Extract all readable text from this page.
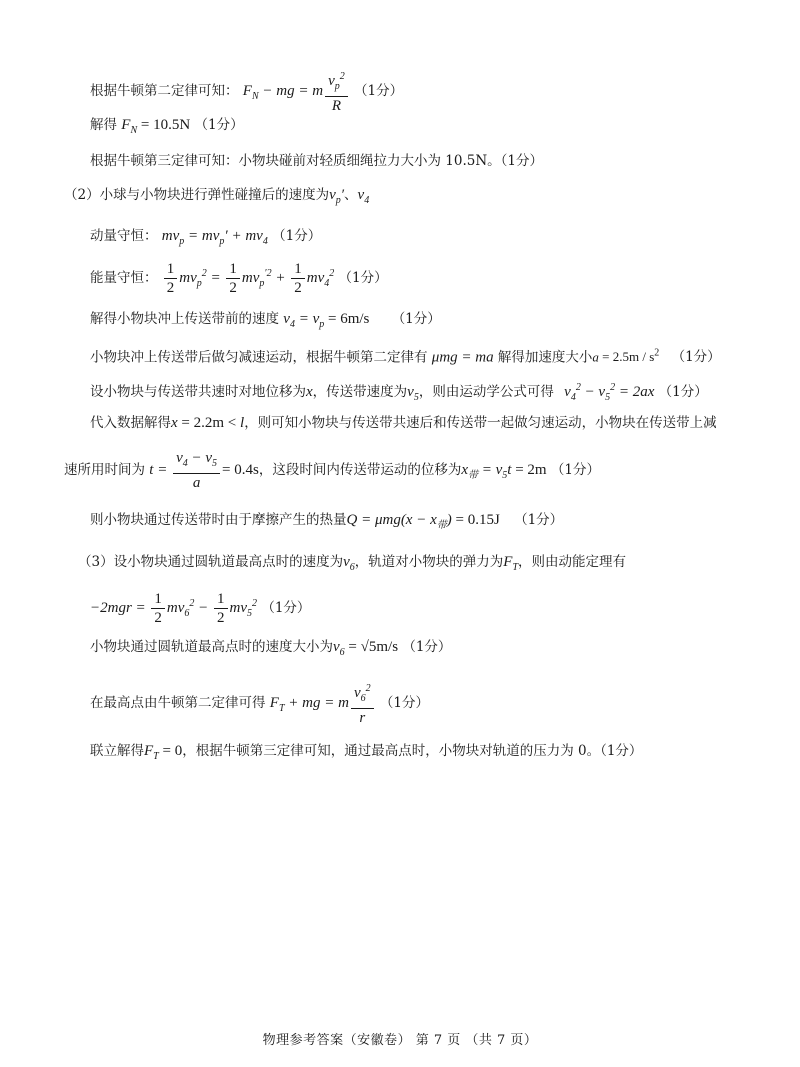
根据牛顿第二定律可知： $F_N$ − mg = m $\frac{v_p^2}{R} (1$分）
解得 $F_N = 10.5N$ （1分）
根据牛顿第三定律可知：小物块碰前对轻质细绳拉力大小为 10.5N。（1分）
（2）小球与小物块进行弹性碰撞后的速度为$v_p'$、$v_4$
动量守恒： $mv_p = mv_p' + mv_4$ （1分）
能量守恒： $\frac{1}{2} mv_p^2 = \frac{1}{2} mv_p^{'2} + \frac{1}{2} mv_4^2$ （1分）
解得小物块冲上传送带前的速度 $v_4 = v_p = 6m/s$ （1分）
小物块冲上传送带后做匀减速运动，根据牛顿第二定律有 μmg = ma 解得加速度大小$a = 2.5m / s^2$ （1分）
设小物块与传送带共速时对地位移为x，传送带速度为$v_5$，则由运动学公式可得 $v_4^2 - v_5^2 = 2ax$ （1分）
代入数据解得x = 2.2m < l，则可知小物块与传送带共速后和传送带一起做匀速运动，小物块在传送带上减
速所用时间为 $t = \frac{v_4 - v_5}{a} = 0.4s$，这段时间内传送带运动的位移为$x_带 = v_5t = 2m$ （1分）
则小物块通过传送带时由于摩擦产生的热量$Q = \mu mg(x - x_带) = 0.15J$ （1分）
（3）设小物块通过圆轨道最高点时的速度为$v_6$，轨道对小物块的弹力为$F_T$，则由动能定理有
$-2mgr = \frac{1}{2} mv_6^2 - \frac{1}{2} mv_5^2$ （1分）
小物块通过圆轨道最高点时的速度大小为$v_6 = √5m/s$ （1分）
在最高点由牛顿第二定律可得 $F_T$ + mg = m $\frac{v_6^2}{r} (1$分）
联立解得$F_T = 0$，根据牛顿第三定律可知，通过最高点时，小物块对轨道的压力为 0。（1分）
物理参考答案（安徽卷） 第 7 页 （共 7 页）
